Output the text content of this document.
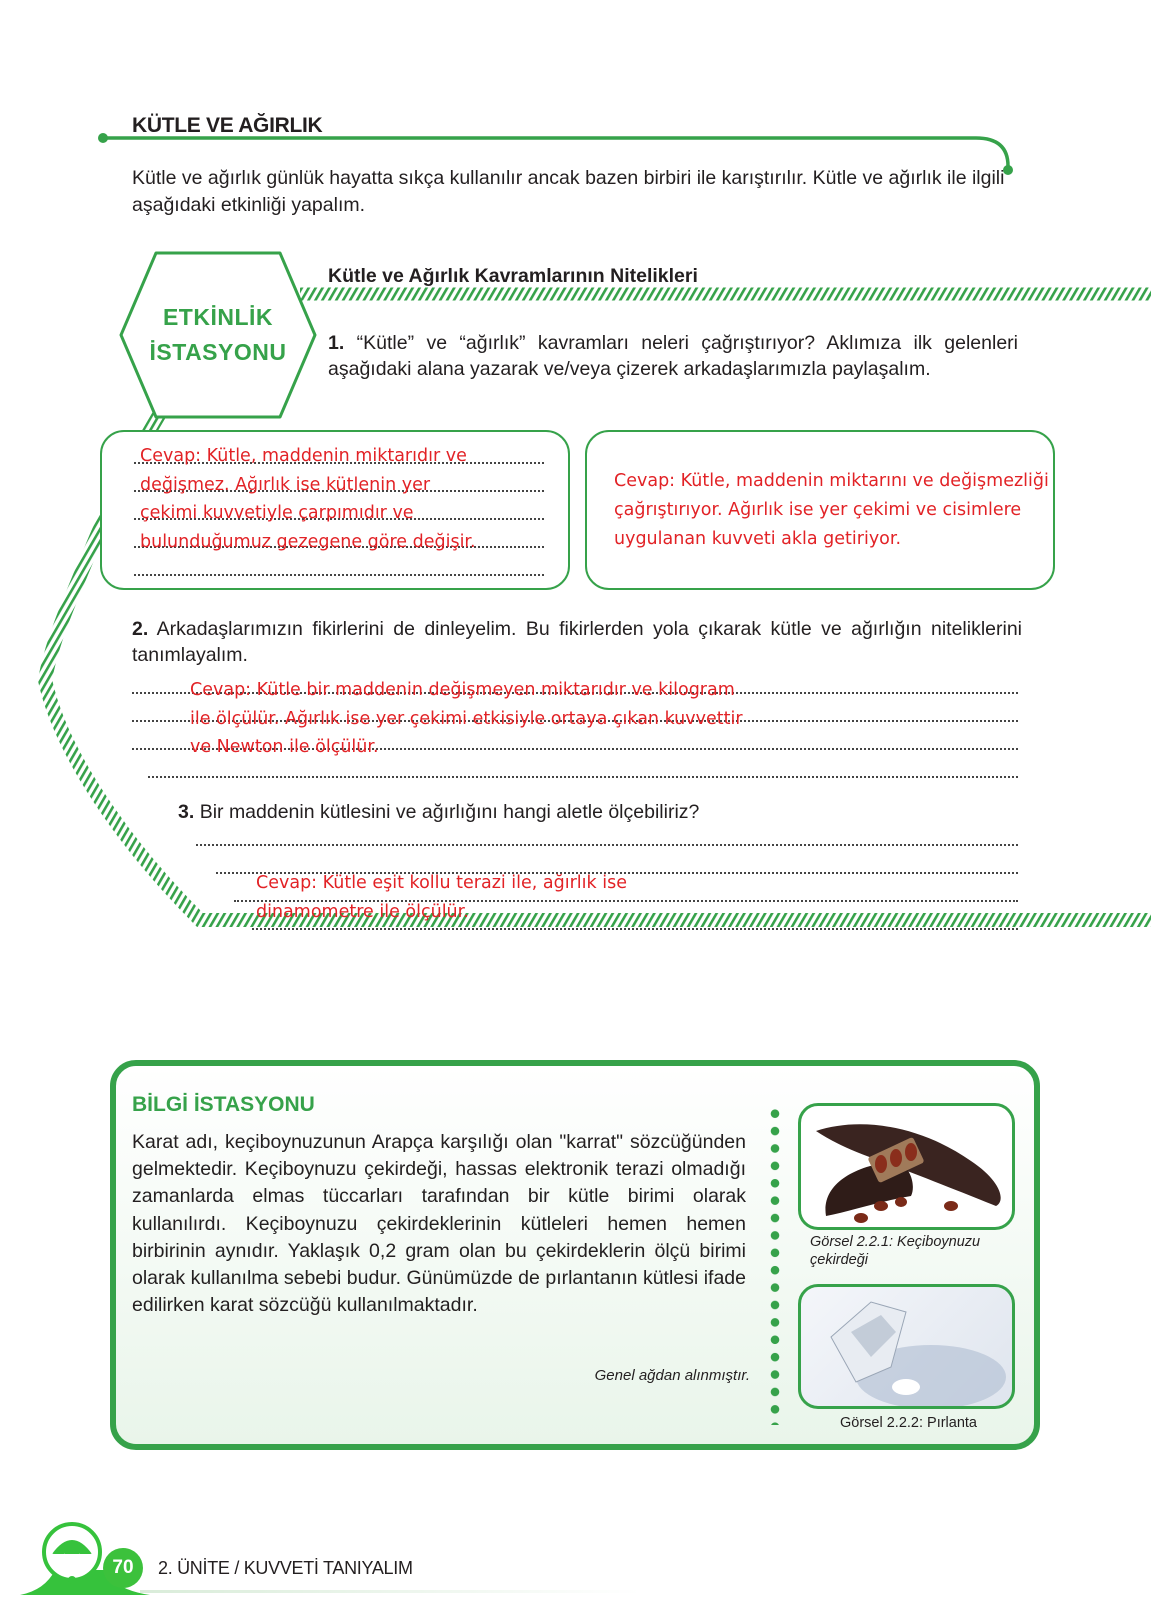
KÜTLE VE AĞIRLIK
Kütle ve ağırlık günlük hayatta sıkça kullanılır ancak bazen birbiri ile karıştırılır. Kütle ve ağırlık ile ilgili aşağıdaki etkinliği yapalım.
ETKİNLİK
İSTASYONU
Kütle ve Ağırlık Kavramlarının Nitelikleri
1. “Kütle” ve “ağırlık” kavramları neleri çağrıştırıyor? Aklımıza ilk gelenleri aşağıdaki alana yazarak ve/veya çizerek arkadaşlarımızla paylaşalım.
Cevap: Kütle, maddenin miktarıdır ve
değişmez. Ağırlık ise kütlenin yer
çekimi kuvvetiyle çarpımıdır ve
bulunduğumuz gezegene göre değişir.
Cevap: Kütle, maddenin miktarını ve değişmezliği
çağrıştırıyor. Ağırlık ise yer çekimi ve cisimlere
uygulanan kuvveti akla getiriyor.
2. Arkadaşlarımızın fikirlerini de dinleyelim. Bu fikirlerden yola çıkarak kütle ve ağırlığın niteliklerini tanımlayalım.
Cevap: Kütle bir maddenin değişmeyen miktarıdır ve kilogram
ile ölçülür. Ağırlık ise yer çekimi etkisiyle ortaya çıkan kuvvettir
ve Newton ile ölçülür.
3. Bir maddenin kütlesini ve ağırlığını hangi aletle ölçebiliriz?
Cevap: Kütle eşit kollu terazi ile, ağırlık ise
dinamometre ile ölçülür.
BİLGİ İSTASYONU
Karat adı, keçiboynuzunun Arapça karşılığı olan "karrat" sözcüğünden gelmektedir. Keçiboynuzu çekirdeği, hassas elektronik terazi olmadığı zamanlarda elmas tüccarları tarafından bir kütle birimi olarak kullanılırdı. Keçiboynuzu çekirdeklerinin kütleleri hemen hemen birbirinin aynıdır. Yaklaşık 0,2 gram olan bu çekirdeklerin ölçü birimi olarak kullanılma sebebi budur. Günümüzde de pırlantanın kütlesi ifade edilirken karat sözcüğü kullanılmaktadır.
Genel ağdan alınmıştır.
Görsel 2.2.1: Keçiboynuzu çekirdeği
Görsel 2.2.2: Pırlanta
70	2. ÜNİTE / KUVVETİ TANIYALIM
